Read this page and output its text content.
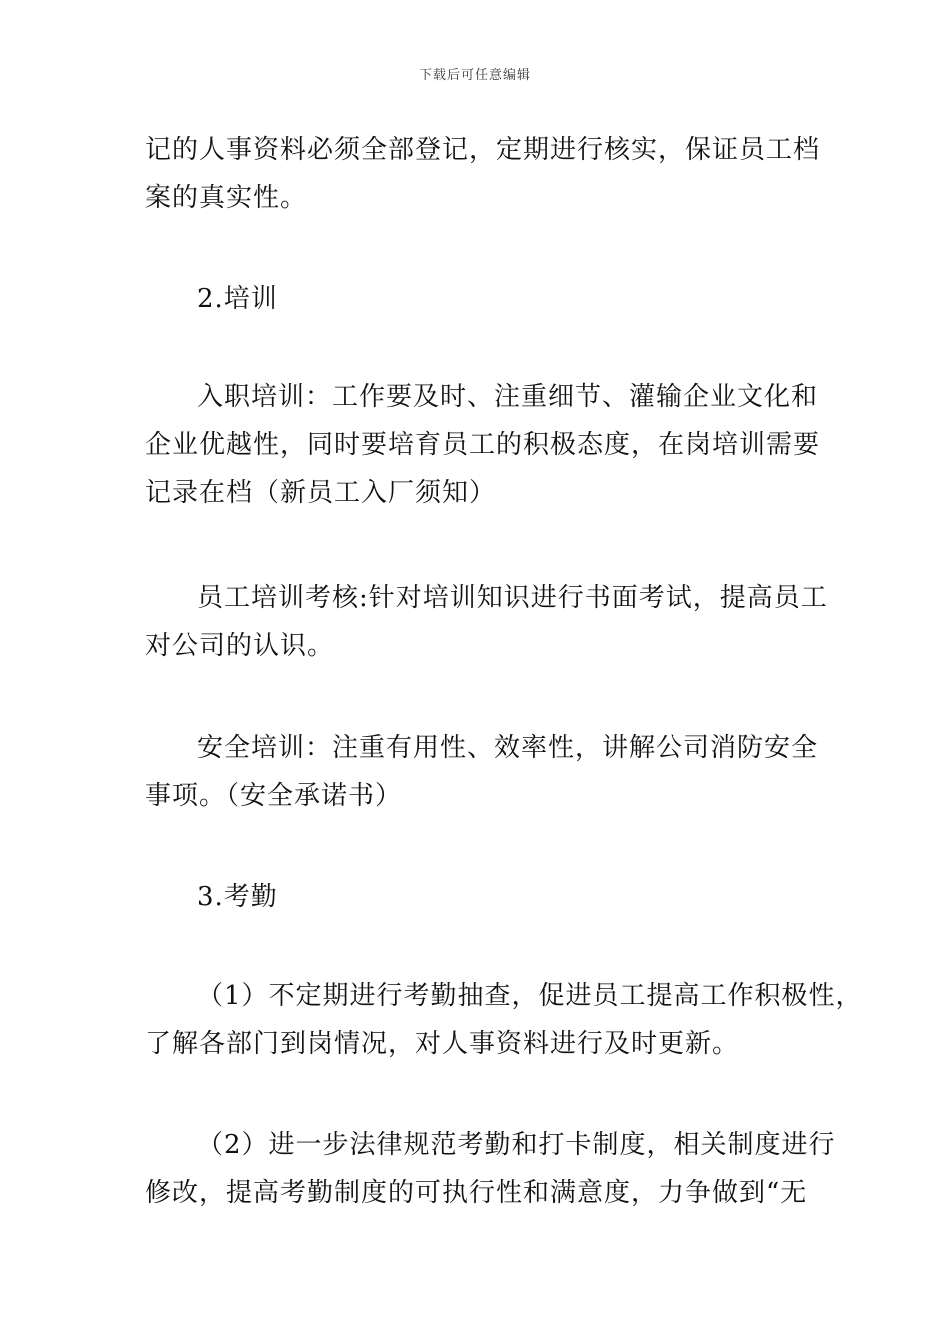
下载后可任意编辑
记的人事资料必须全部登记，定期进行核实，保证员工档
案的真实性。
2.培训
入职培训：工作要及时、注重细节、灌输企业文化和
企业优越性，同时要培育员工的积极态度，在岗培训需要
记录在档（新员工入厂须知）
员工培训考核:针对培训知识进行书面考试，提高员工
对公司的认识。
安全培训：注重有用性、效率性，讲解公司消防安全
事项。（安全承诺书）
3.考勤
（1）不定期进行考勤抽查，促进员工提高工作积极性，
了解各部门到岗情况，对人事资料进行及时更新。
（2）进一步法律规范考勤和打卡制度，相关制度进行
修改，提高考勤制度的可执行性和满意度，力争做到“无
